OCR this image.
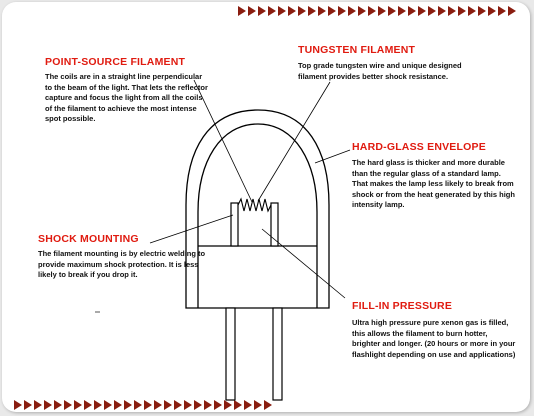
POINT-SOURCE FILAMENT

The coils are in a straight line perpendicular to the beam of the light. That lets the reflector capture and focus the light from all the coils of the filament to achieve the most intense spot possible.

TUNGSTEN FILAMENT

Top grade tungsten wire and unique designed filament provides better shock resistance.

HARD-GLASS ENVELOPE

The hard glass is thicker and more durable than the regular glass of a standard lamp. That makes the lamp less likely to break from shock or from the heat generated by this high intensity lamp.

SHOCK MOUNTING

The filament mounting is by electric welding to provide maximum shock protection. It is less likely to break if you drop it.

FILL-IN PRESSURE

Ultra high pressure pure xenon gas is filled, this allows the filament to burn hotter, brighter and longer. (20 hours or more in your flashlight depending on use and applications)
